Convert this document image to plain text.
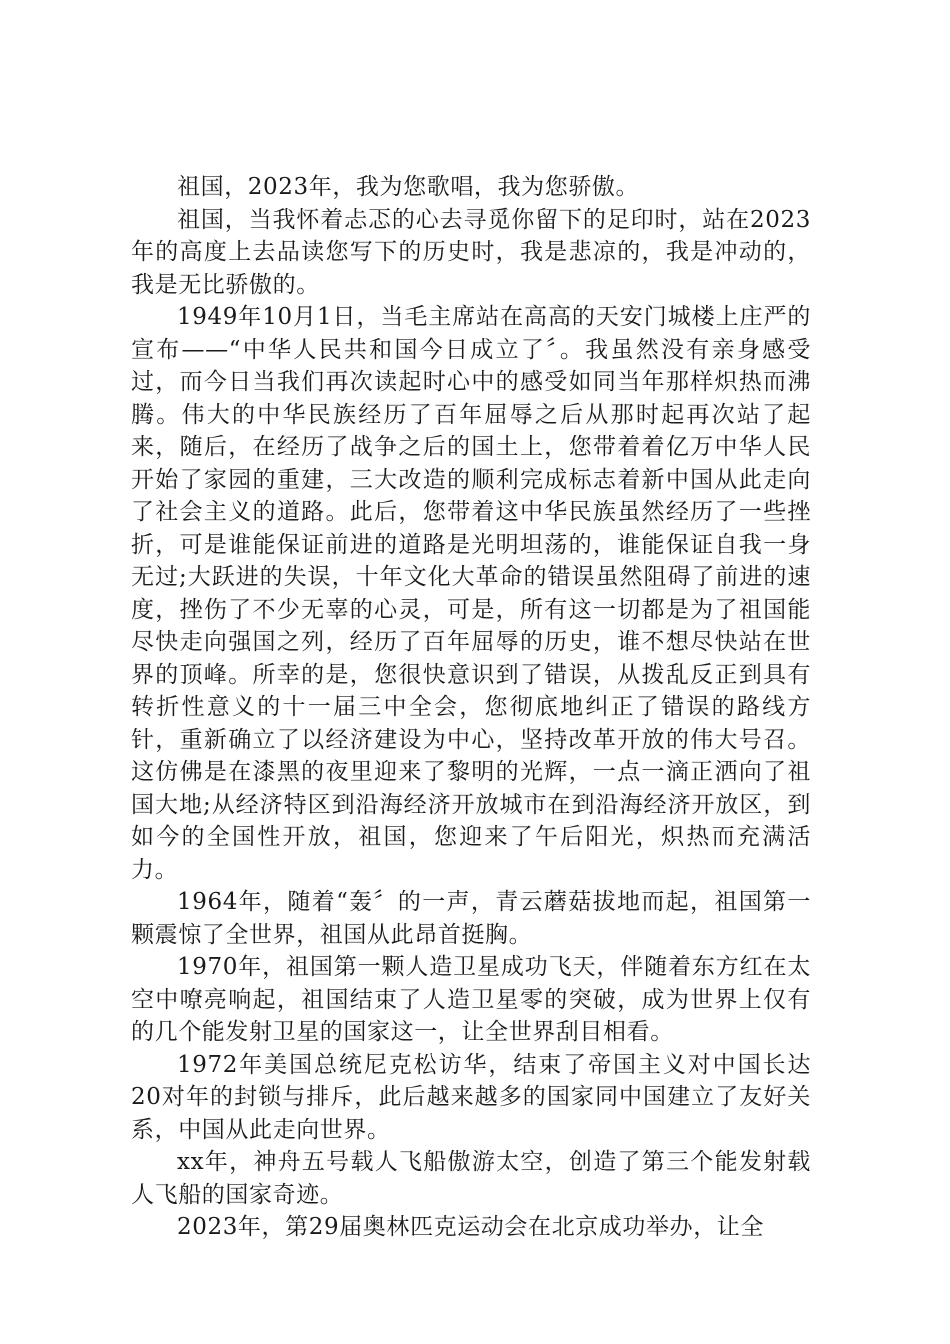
祖国，2023年，我为您歌唱，我为您骄傲。

祖国，当我怀着忐忑的心去寻觅你留下的足印时，站在2023年的高度上去品读您写下的历史时，我是悲凉的，我是冲动的，我是无比骄傲的。

1949年10月1日，当毛主席站在高高的天安门城楼上庄严的宣布——“中华人民共和国今日成立了〞。我虽然没有亲身感受过，而今日当我们再次读起时心中的感受如同当年那样炽热而沸腾。伟大的中华民族经历了百年屈辱之后从那时起再次站了起来，随后，在经历了战争之后的国土上，您带着着亿万中华人民开始了家园的重建，三大改造的顺利完成标志着新中国从此走向了社会主义的道路。此后，您带着这中华民族虽然经历了一些挫折，可是谁能保证前进的道路是光明坦荡的，谁能保证自我一身无过;大跃进的失误，十年文化大革命的错误虽然阻碍了前进的速度，挫伤了不少无辜的心灵，可是，所有这一切都是为了祖国能尽快走向强国之列，经历了百年屈辱的历史，谁不想尽快站在世界的顶峰。所幸的是，您很快意识到了错误，从拨乱反正到具有转折性意义的十一届三中全会，您彻底地纠正了错误的路线方针，重新确立了以经济建设为中心，坚持改革开放的伟大号召。这仿佛是在漆黑的夜里迎来了黎明的光辉，一点一滴正洒向了祖国大地;从经济特区到沿海经济开放城市在到沿海经济开放区，到如今的全国性开放，祖国，您迎来了午后阳光，炽热而充满活力。

1964年，随着“轰〞的一声，青云蘑菇拔地而起，祖国第一颗震惊了全世界，祖国从此昂首挺胸。

1970年，祖国第一颗人造卫星成功飞天，伴随着东方红在太空中嘹亮响起，祖国结束了人造卫星零的突破，成为世界上仅有的几个能发射卫星的国家这一，让全世界刮目相看。

1972年美国总统尼克松访华，结束了帝国主义对中国长达20对年的封锁与排斥，此后越来越多的国家同中国建立了友好关系，中国从此走向世界。

xx年，神舟五号载人飞船傲游太空，创造了第三个能发射载人飞船的国家奇迹。

2023年，第29届奥林匹克运动会在北京成功举办，让全
